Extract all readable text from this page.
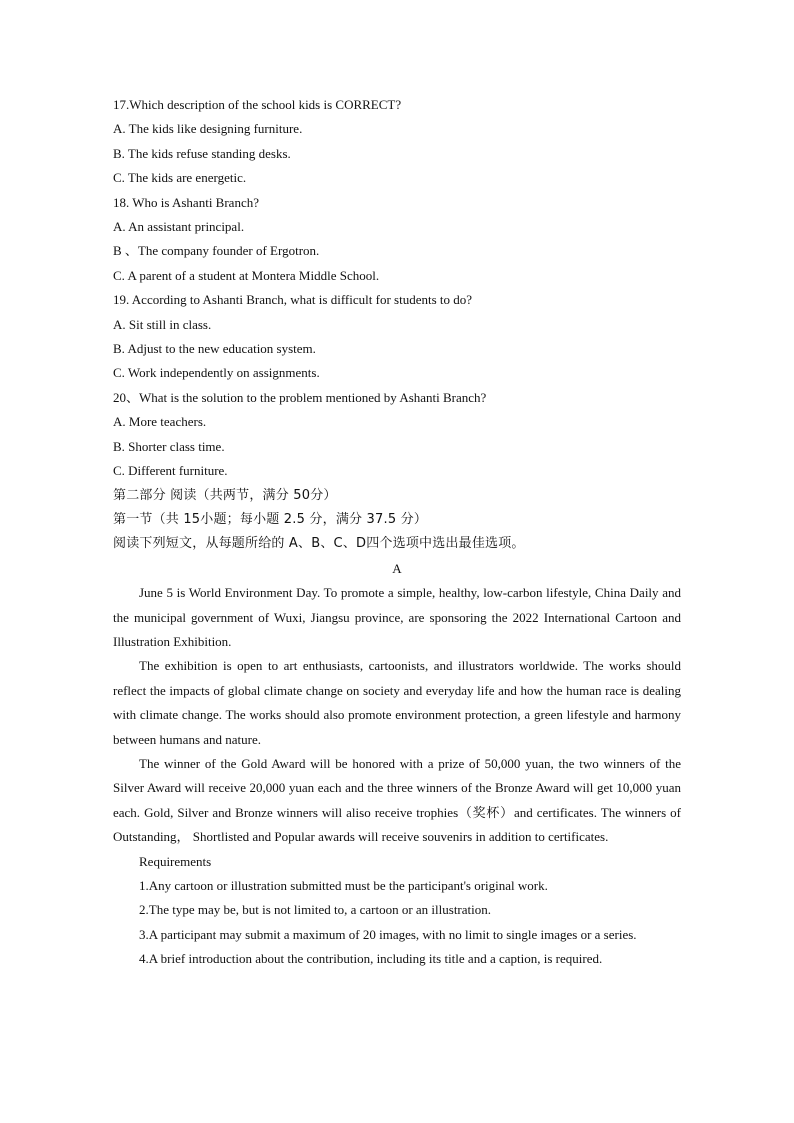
17.Which description of the school kids is CORRECT?
A. The kids like designing furniture.
B. The kids refuse standing desks.
C. The kids are energetic.
18. Who is Ashanti Branch?
A. An assistant principal.
B 、The company founder of Ergotron.
C. A parent of a student at Montera Middle School.
19. According to Ashanti Branch, what is difficult for students to do?
A. Sit still in class.
B. Adjust to the new education system.
C. Work independently on assignments.
20、What is the solution to the problem mentioned by Ashanti Branch?
A. More teachers.
B. Shorter class time.
C. Different furniture.
第二部分 阅读（共两节，满分 50分）
第一节（共 15小题；每小题 2.5 分，满分 37.5 分）
阅读下列短文，从每题所给的 A、B、C、D四个选项中选出最佳选项。
A
June 5 is World Environment Day. To promote a simple, healthy, low-carbon lifestyle, China Daily and the municipal government of Wuxi, Jiangsu province, are sponsoring the 2022 International Cartoon and Illustration Exhibition.
The exhibition is open to art enthusiasts, cartoonists, and illustrators worldwide. The works should reflect the impacts of global climate change on society and everyday life and how the human race is dealing with climate change. The works should also promote environment protection, a green lifestyle and harmony between humans and nature.
The winner of the Gold Award will be honored with a prize of 50,000 yuan, the two winners of the Silver Award will receive 20,000 yuan each and the three winners of the Bronze Award will get 10,000 yuan each. Gold, Silver and Bronze winners will aliso receive trophies（奖杯）and certificates. The winners of Outstanding， Shortlisted and Popular awards will receive souvenirs in addition to certificates.
Requirements
1.Any cartoon or illustration submitted must be the participant's original work.
2.The type may be, but is not limited to, a cartoon or an illustration.
3.A participant may submit a maximum of 20 images, with no limit to single images or a series.
4.A brief introduction about the contribution, including its title and a caption, is required.
